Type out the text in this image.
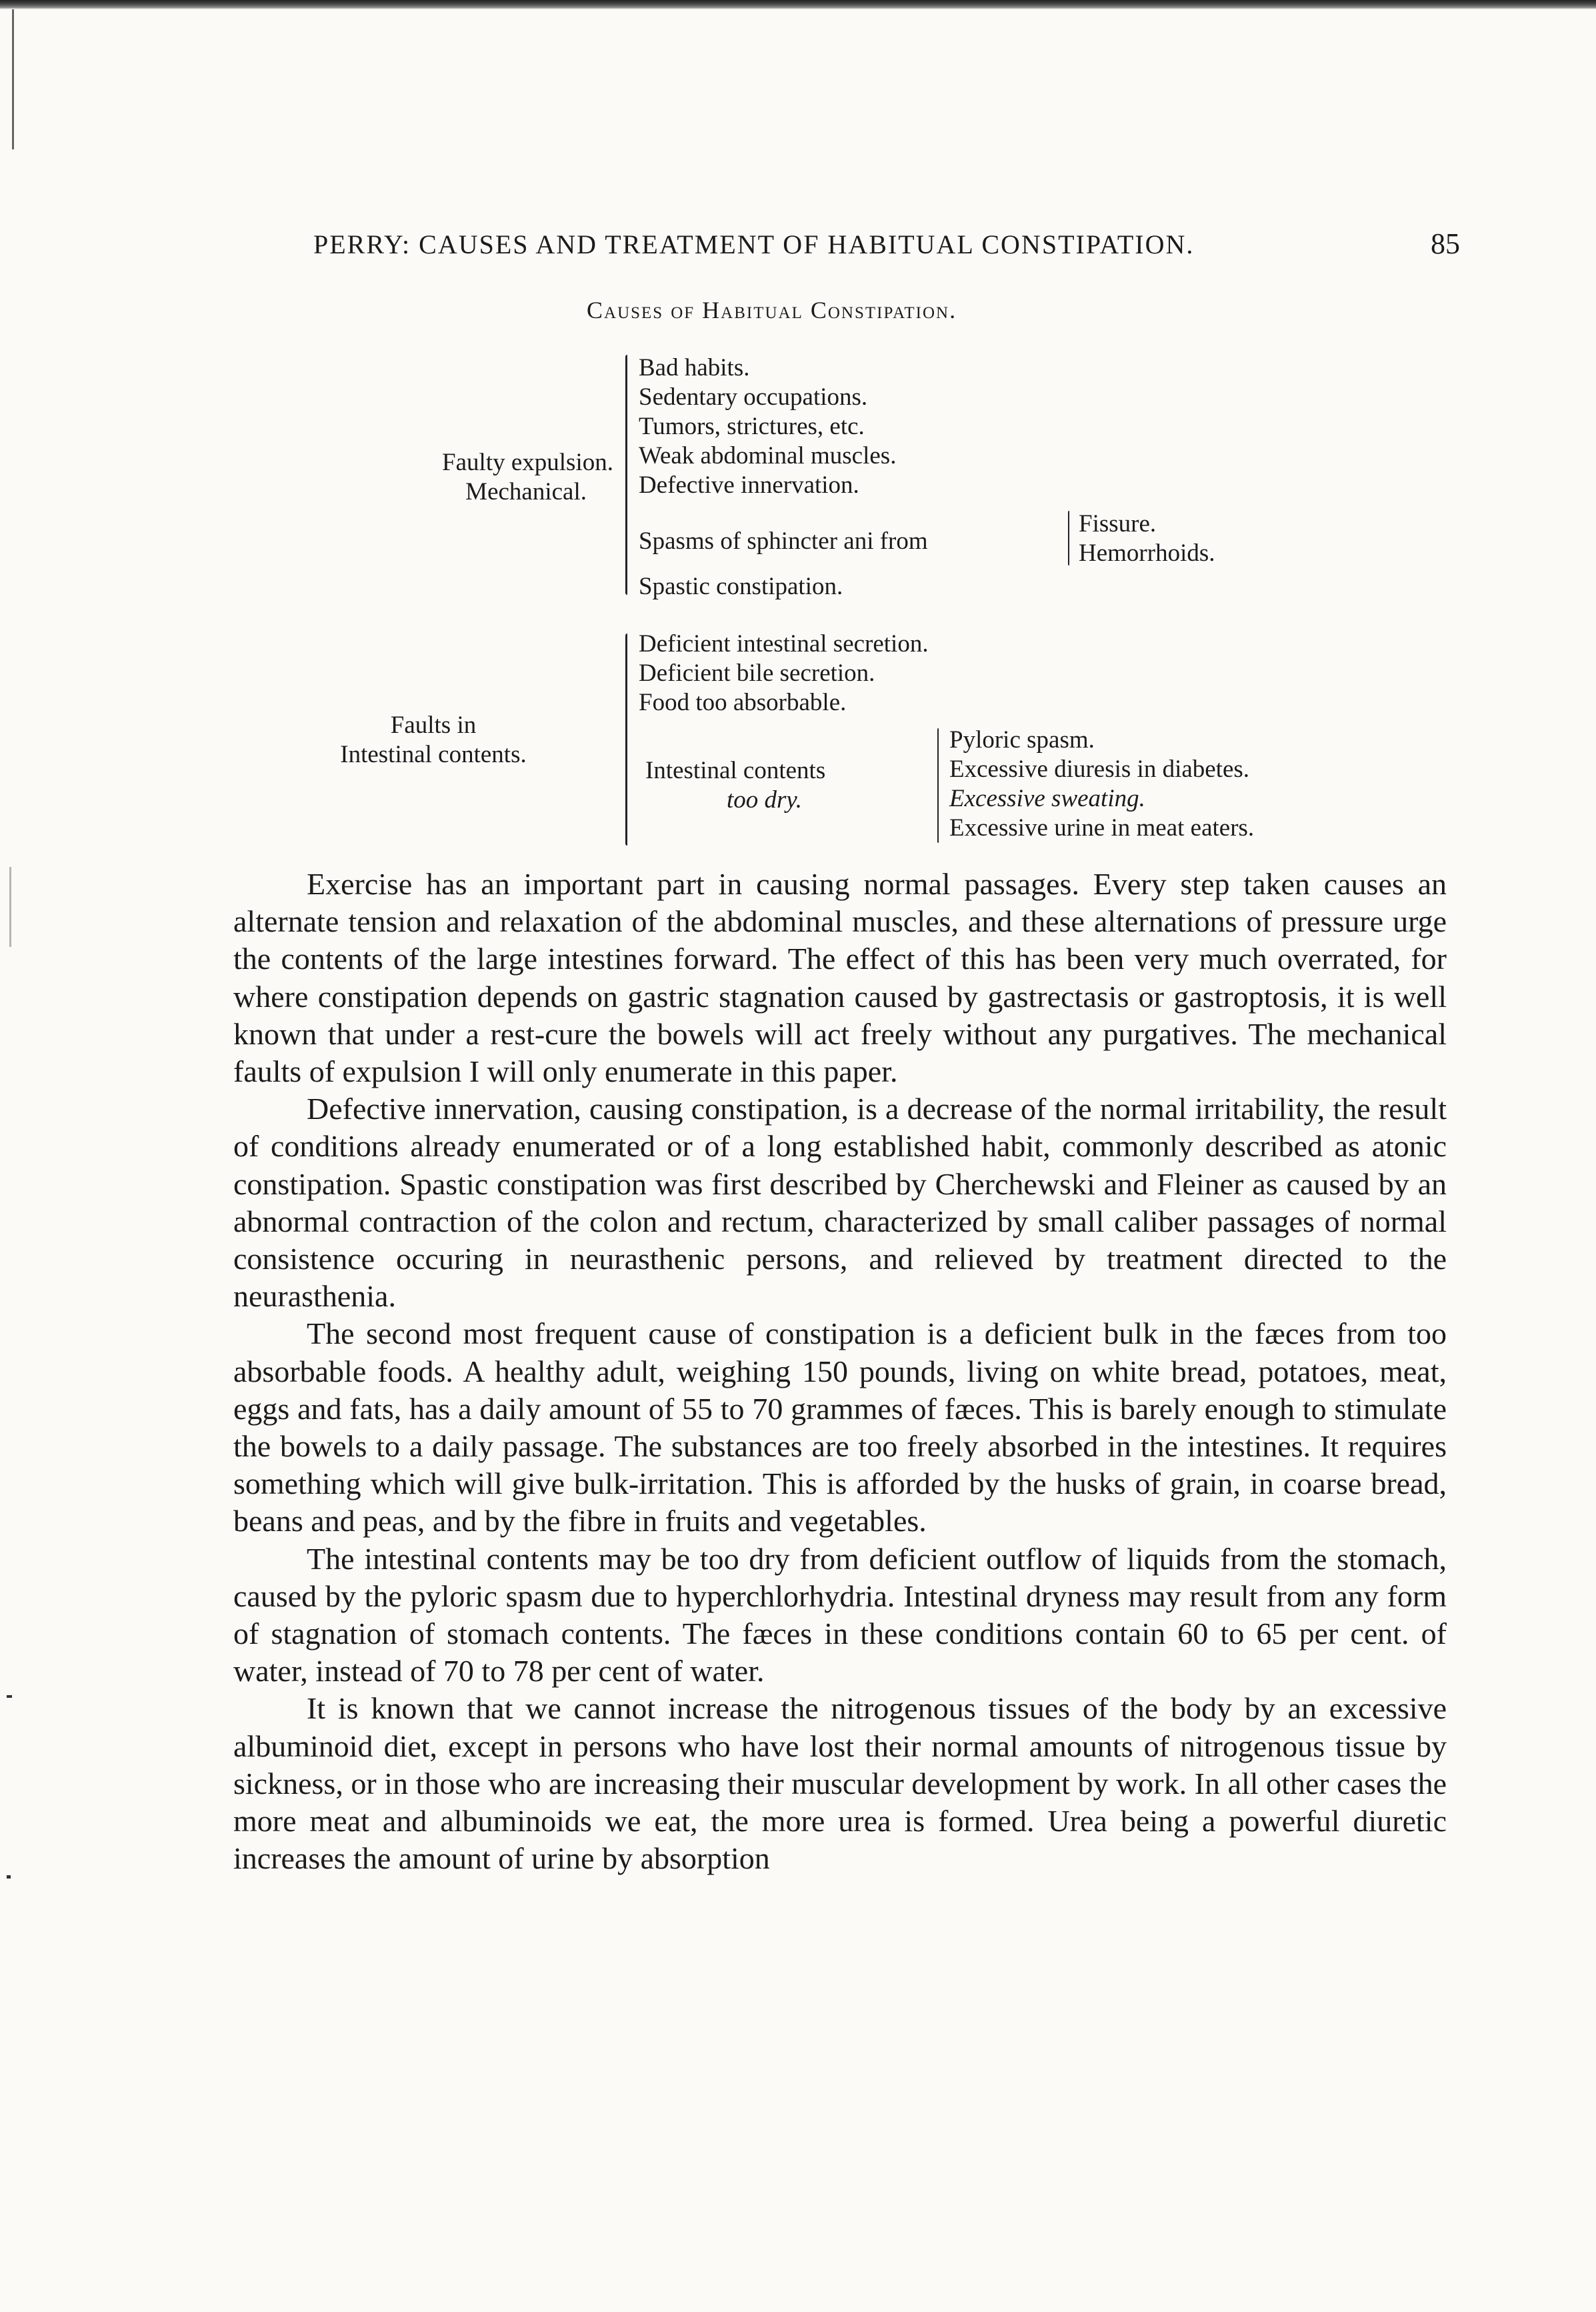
PERRY: CAUSES AND TREATMENT OF HABITUAL CONSTIPATION.	85
Causes of Habitual Constipation.
Faulty expulsion.
Mechanical.
Bad habits.
Sedentary occupations.
Tumors, strictures, etc.
Weak abdominal muscles.
Defective innervation.
Spasms of sphincter ani from
Fissure.
Hemorrhoids.
Spastic constipation.
Faults in
Intestinal contents.
Deficient intestinal secretion.
Deficient bile secretion.
Food too absorbable.
Intestinal contents
too dry.
Pyloric spasm.
Excessive diuresis in diabetes.
Excessive sweating.
Excessive urine in meat eaters.

Exercise has an important part in causing normal passages. Every step taken causes an alternate tension and relaxation of the abdominal muscles, and these alternations of pressure urge the contents of the large intestines forward. The effect of this has been very much overrated, for where constipation depends on gastric stagnation caused by gastrectasis or gastroptosis, it is well known that under a rest-cure the bowels will act freely without any purgatives. The mechanical faults of expulsion I will only enumerate in this paper.

Defective innervation, causing constipation, is a decrease of the normal irritability, the result of conditions already enumerated or of a long established habit, commonly described as atonic constipation. Spastic constipation was first described by Cherchewski and Fleiner as caused by an abnormal contraction of the colon and rectum, characterized by small caliber passages of normal consistence occuring in neurasthenic persons, and relieved by treatment directed to the neurasthenia.

The second most frequent cause of constipation is a deficient bulk in the fæces from too absorbable foods. A healthy adult, weighing 150 pounds, living on white bread, potatoes, meat, eggs and fats, has a daily amount of 55 to 70 grammes of fæces. This is barely enough to stimulate the bowels to a daily passage. The substances are too freely absorbed in the intestines. It requires something which will give bulk-irritation. This is afforded by the husks of grain, in coarse bread, beans and peas, and by the fibre in fruits and vegetables.

The intestinal contents may be too dry from deficient outflow of liquids from the stomach, caused by the pyloric spasm due to hyperchlorhydria. Intestinal dryness may result from any form of stagnation of stomach contents. The fæces in these conditions contain 60 to 65 per cent. of water, instead of 70 to 78 per cent of water.

It is known that we cannot increase the nitrogenous tissues of the body by an excessive albuminoid diet, except in persons who have lost their normal amounts of nitrogenous tissue by sickness, or in those who are increasing their muscular development by work. In all other cases the more meat and albuminoids we eat, the more urea is formed. Urea being a powerful diuretic increases the amount of urine by absorption
